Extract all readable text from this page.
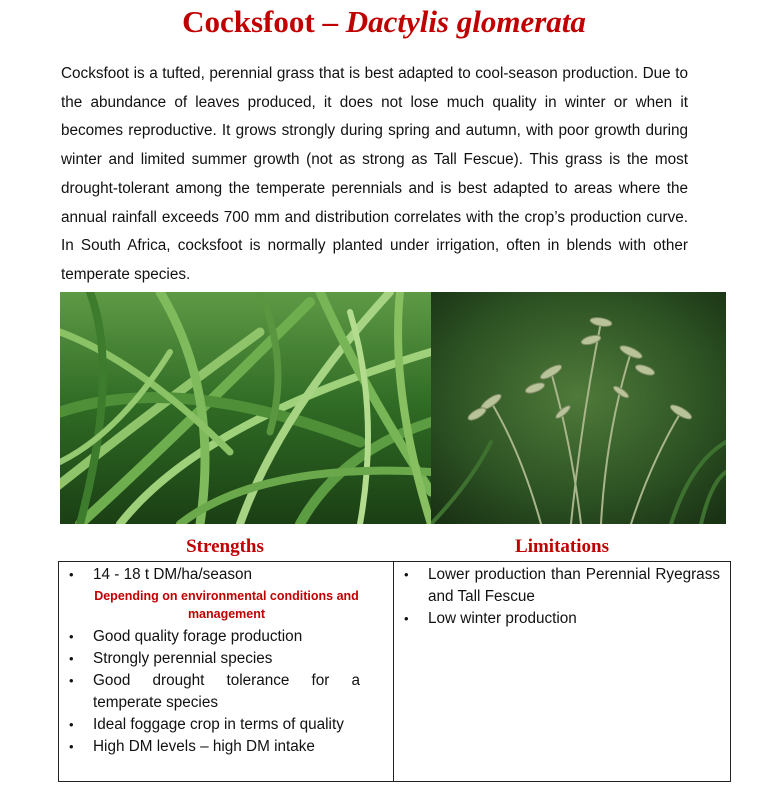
Cocksfoot – Dactylis glomerata

Cocksfoot is a tufted, perennial grass that is best adapted to cool-season production. Due to the abundance of leaves produced, it does not lose much quality in winter or when it becomes reproductive. It grows strongly during spring and autumn, with poor growth during winter and limited summer growth (not as strong as Tall Fescue). This grass is the most drought-tolerant among the temperate perennials and is best adapted to areas where the annual rainfall exceeds 700 mm and distribution correlates with the crop’s production curve. In South Africa, cocksfoot is normally planted under irrigation, often in blends with other temperate species.

Strengths	Limitations
• 14 - 18 t DM/ha/season
Depending on environmental conditions and management
• Good quality forage production
• Strongly perennial species
• Good drought tolerance for a temperate species
• Ideal foggage crop in terms of quality
• High DM levels – high DM intake
• Lower production than Perennial Ryegrass and Tall Fescue
• Low winter production
